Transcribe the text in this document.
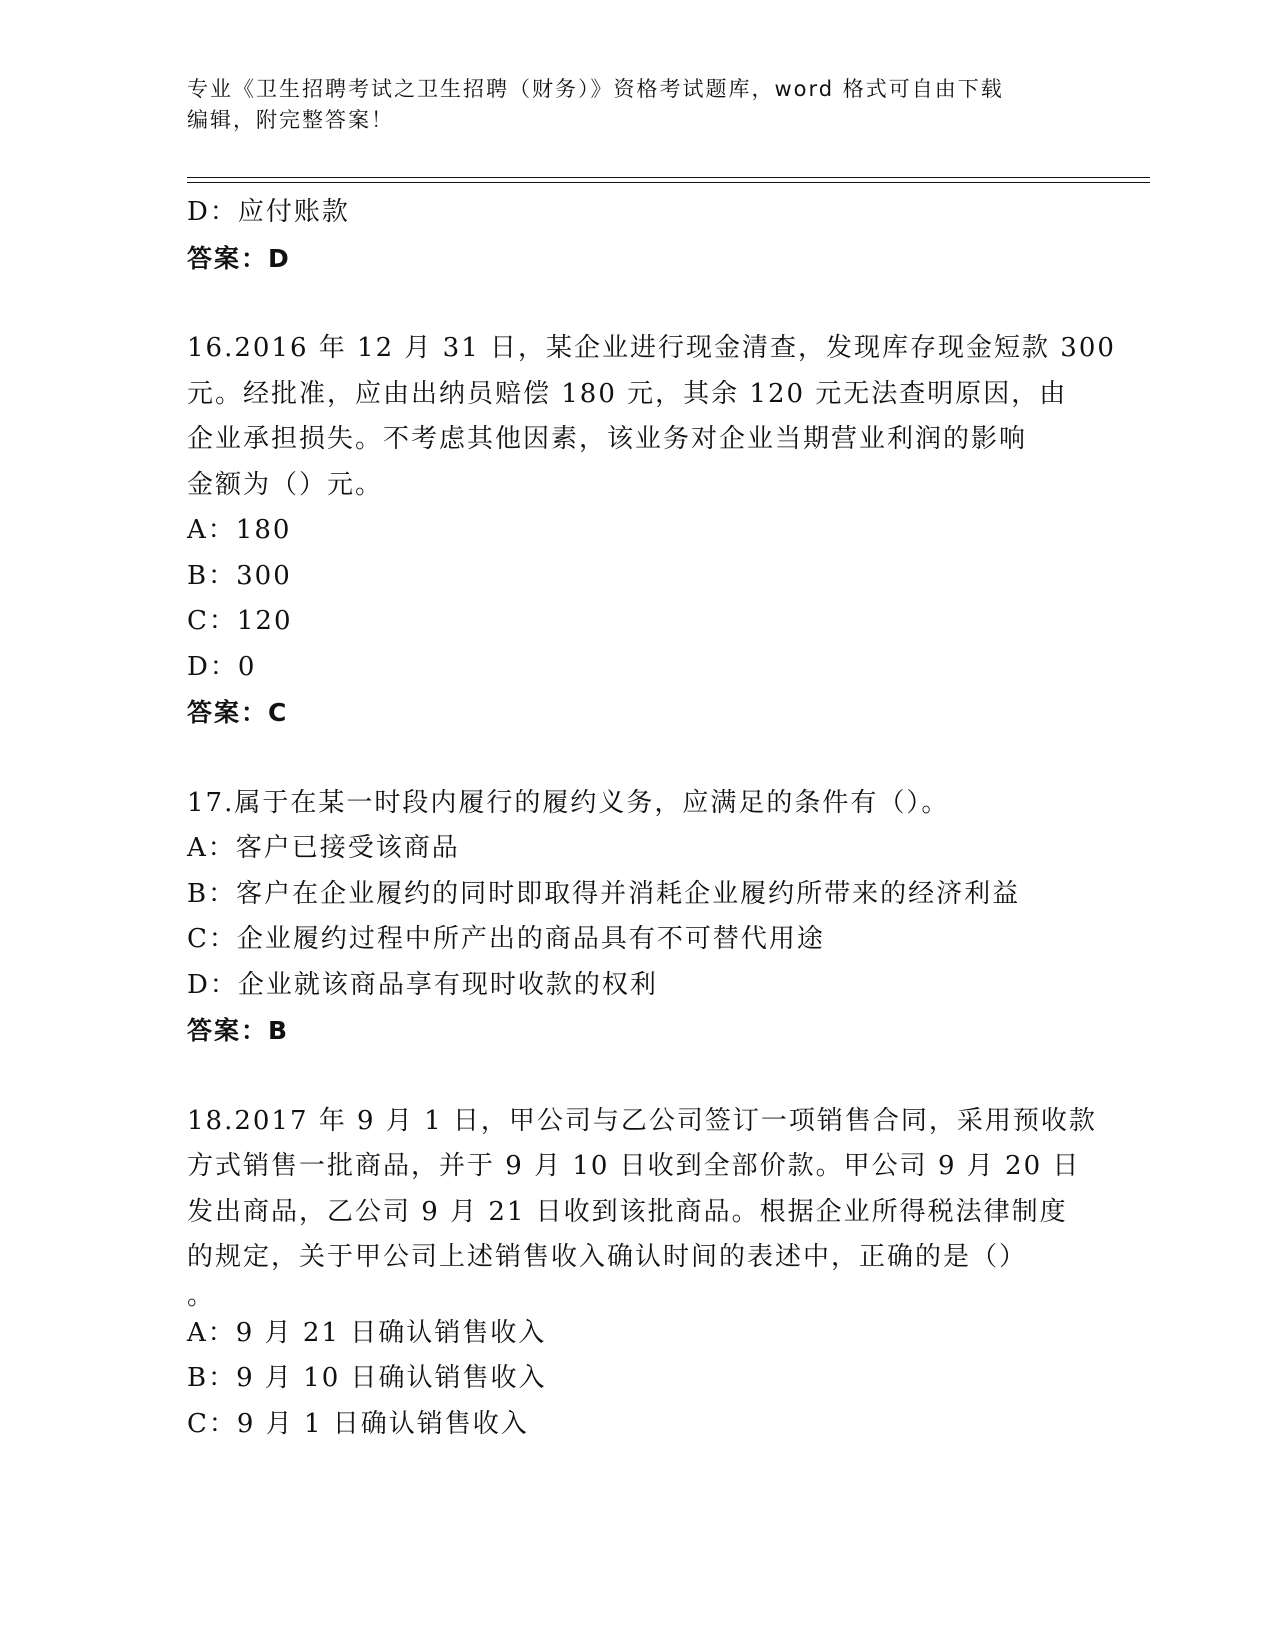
专业《卫生招聘考试之卫生招聘（财务）》资格考试题库，word 格式可自由下载
编辑，附完整答案！
D：应付账款
答案：D
16.2016 年 12 月 31 日，某企业进行现金清查，发现库存现金短款 300
元。经批准，应由出纳员赔偿 180 元，其余 120 元无法查明原因，由
企业承担损失。不考虑其他因素，该业务对企业当期营业利润的影响
金额为（）元。
A：180
B：300
C：120
D：0
答案：C
17.属于在某一时段内履行的履约义务，应满足的条件有（）。
A：客户已接受该商品
B：客户在企业履约的同时即取得并消耗企业履约所带来的经济利益
C：企业履约过程中所产出的商品具有不可替代用途
D：企业就该商品享有现时收款的权利
答案：B
18.2017 年 9 月 1 日，甲公司与乙公司签订一项销售合同，采用预收款
方式销售一批商品，并于 9 月 10 日收到全部价款。甲公司 9 月 20 日
发出商品，乙公司 9 月 21 日收到该批商品。根据企业所得税法律制度
的规定，关于甲公司上述销售收入确认时间的表述中，正确的是（）
。
A：9 月 21 日确认销售收入
B：9 月 10 日确认销售收入
C：9 月 1 日确认销售收入
